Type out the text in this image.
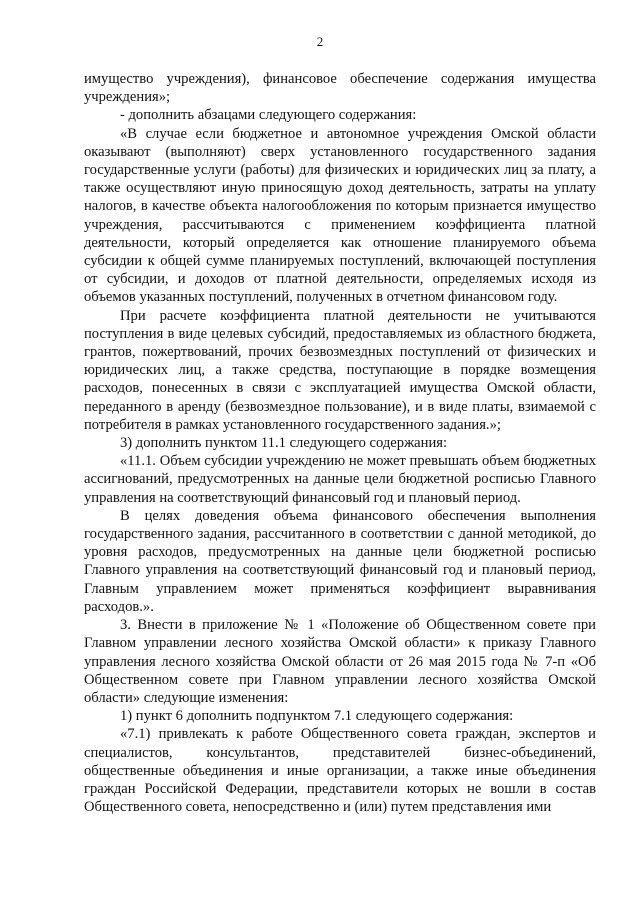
2

имущество учреждения), финансовое обеспечение содержания имущества учреждения»;

- дополнить абзацами следующего содержания:

«В случае если бюджетное и автономное учреждения Омской области оказывают (выполняют) сверх установленного государственного задания государственные услуги (работы) для физических и юридических лиц за плату, а также осуществляют иную приносящую доход деятельность, затраты на уплату налогов, в качестве объекта налогообложения по которым признается имущество учреждения, рассчитываются с применением коэффициента платной деятельности, который определяется как отношение планируемого объема субсидии к общей сумме планируемых поступлений, включающей поступления от субсидии, и доходов от платной деятельности, определяемых исходя из объемов указанных поступлений, полученных в отчетном финансовом году.

При расчете коэффициента платной деятельности не учитываются поступления в виде целевых субсидий, предоставляемых из областного бюджета, грантов, пожертвований, прочих безвозмездных поступлений от физических и юридических лиц, а также средства, поступающие в порядке возмещения расходов, понесенных в связи с эксплуатацией имущества Омской области, переданного в аренду (безвозмездное пользование), и в виде платы, взимаемой с потребителя в рамках установленного государственного задания.»;

3) дополнить пунктом 11.1 следующего содержания:

«11.1. Объем субсидии учреждению не может превышать объем бюджетных ассигнований, предусмотренных на данные цели бюджетной росписью Главного управления на соответствующий финансовый год и плановый период.

В целях доведения объема финансового обеспечения выполнения государственного задания, рассчитанного в соответствии с данной методикой, до уровня расходов, предусмотренных на данные цели бюджетной росписью Главного управления на соответствующий финансовый год и плановый период, Главным управлением может применяться коэффициент выравнивания расходов.».

3. Внести в приложение № 1 «Положение об Общественном совете при Главном управлении лесного хозяйства Омской области» к приказу Главного управления лесного хозяйства Омской области от 26 мая 2015 года № 7-п «Об Общественном совете при Главном управлении лесного хозяйства Омской области» следующие изменения:

1) пункт 6 дополнить подпунктом 7.1 следующего содержания:

«7.1) привлекать к работе Общественного совета граждан, экспертов и специалистов, консультантов, представителей бизнес-объединений, общественные объединения и иные организации, а также иные объединения граждан Российской Федерации, представители которых не вошли в состав Общественного совета, непосредственно и (или) путем представления ими
